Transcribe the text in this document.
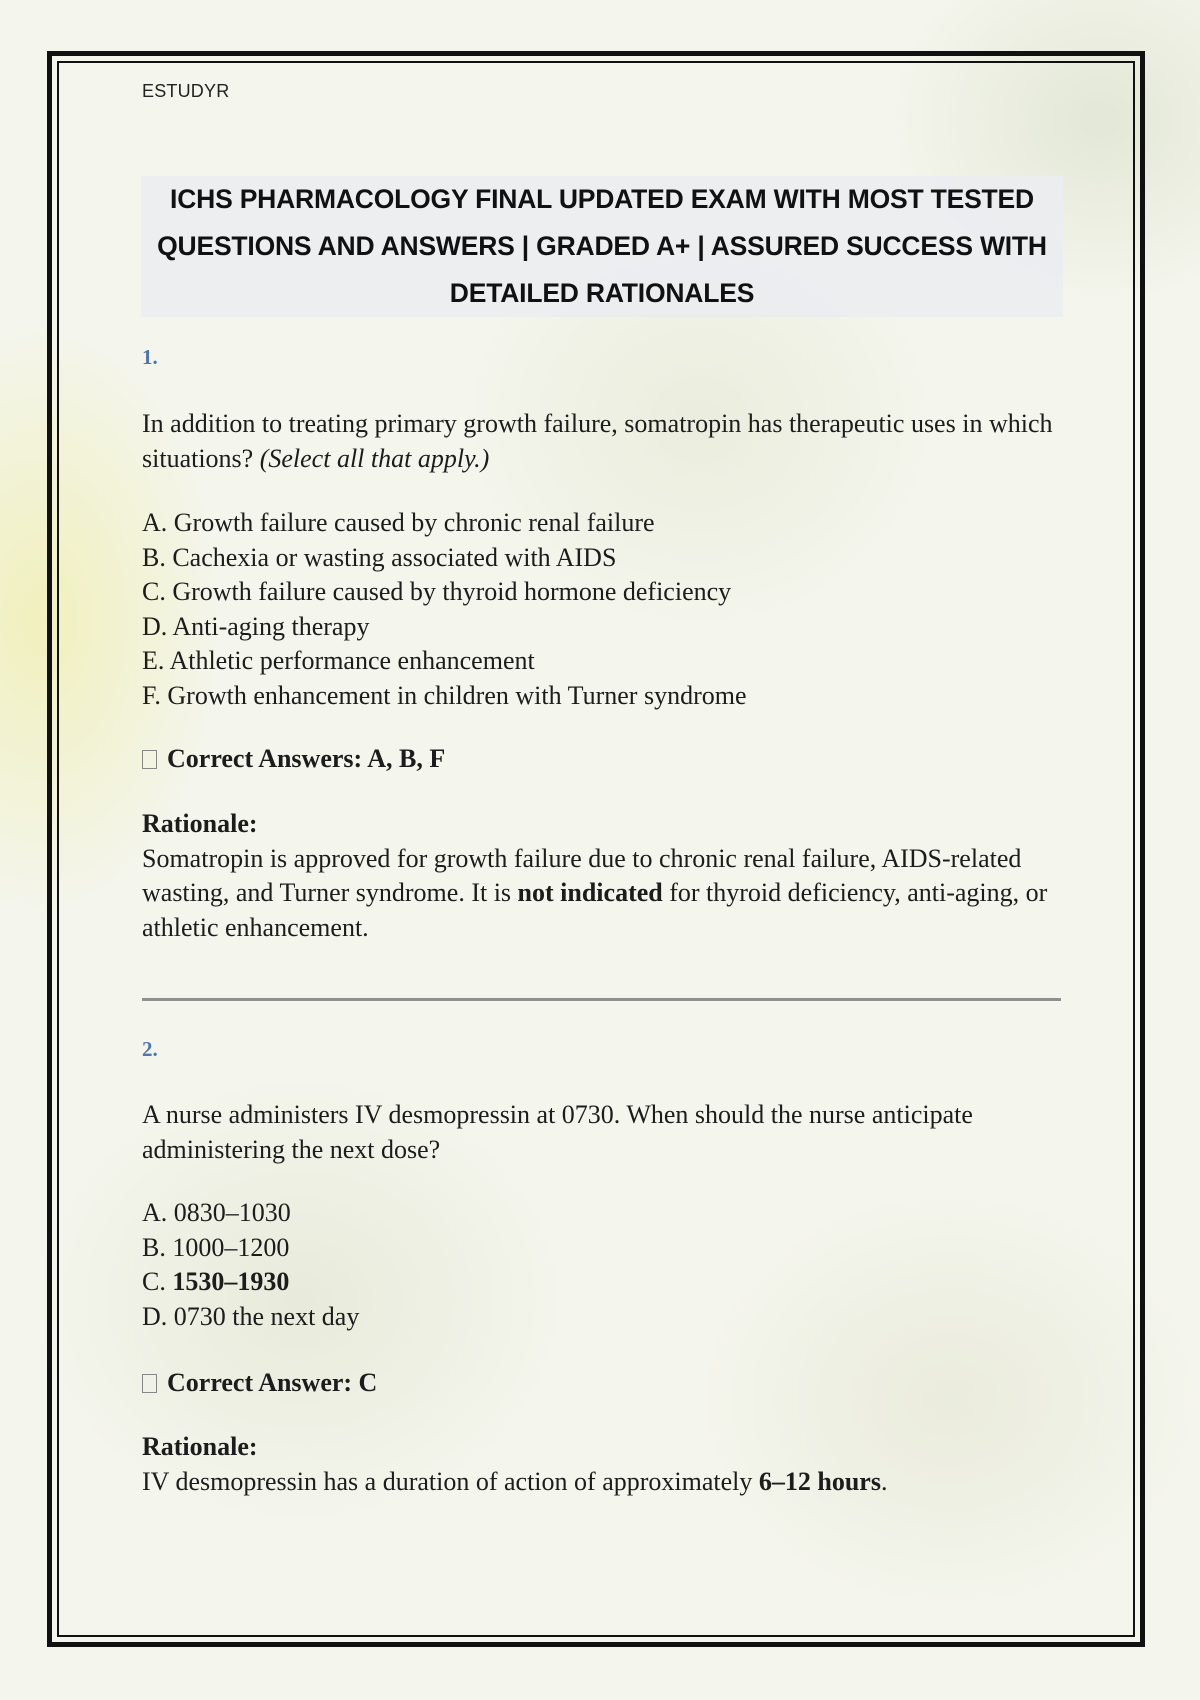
ESTUDYR
ICHS PHARMACOLOGY FINAL UPDATED EXAM WITH MOST TESTED QUESTIONS AND ANSWERS | GRADED A+ | ASSURED SUCCESS WITH DETAILED RATIONALES
1.

In addition to treating primary growth failure, somatropin has therapeutic uses in which situations? (Select all that apply.)

A. Growth failure caused by chronic renal failure

B. Cachexia or wasting associated with AIDS

C. Growth failure caused by thyroid hormone deficiency

D. Anti-aging therapy

E. Athletic performance enhancement

F. Growth enhancement in children with Turner syndrome

Correct Answers: A, B, F

Rationale:

Somatropin is approved for growth failure due to chronic renal failure, AIDS-related wasting, and Turner syndrome. It is not indicated for thyroid deficiency, anti-aging, or athletic enhancement.

2.

A nurse administers IV desmopressin at 0730. When should the nurse anticipate administering the next dose?

A. 0830–1030

B. 1000–1200

C. 1530–1930

D. 0730 the next day

Correct Answer: C

Rationale:

IV desmopressin has a duration of action of approximately 6–12 hours.
